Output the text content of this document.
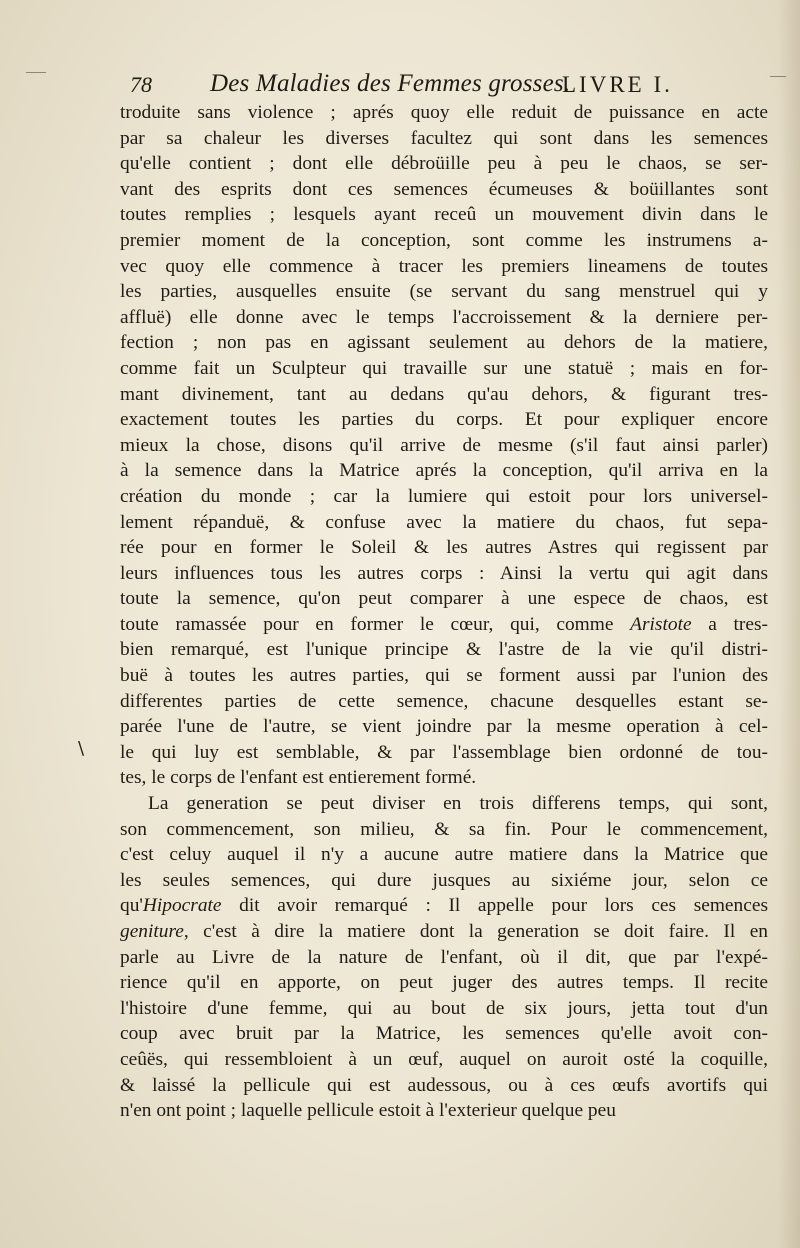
78 Des Maladies des Femmes grosses.
LIVRE I.
\
troduite sans violence ; aprés quoy elle reduit de puissance en acte
par sa chaleur les diverses facultez qui sont dans les semences
qu'elle contient ; dont elle débroüille peu à peu le chaos, se ser-
vant des esprits dont ces semences écumeuses & boüillantes sont
toutes remplies ; lesquels ayant receû un mouvement divin dans le
premier moment de la conception, sont comme les instrumens a-
vec quoy elle commence à tracer les premiers lineamens de toutes
les parties, ausquelles ensuite (se servant du sang menstruel qui y
affluë) elle donne avec le temps l'accroissement & la derniere per-
fection ; non pas en agissant seulement au dehors de la matiere,
comme fait un Sculpteur qui travaille sur une statuë ; mais en for-
mant divinement, tant au dedans qu'au dehors, & figurant tres-
exactement toutes les parties du corps. Et pour expliquer encore
mieux la chose, disons qu'il arrive de mesme (s'il faut ainsi parler)
à la semence dans la Matrice aprés la conception, qu'il arriva en la
création du monde ; car la lumiere qui estoit pour lors universel-
lement répanduë, & confuse avec la matiere du chaos, fut sepa-
rée pour en former le Soleil & les autres Astres qui regissent par
leurs influences tous les autres corps : Ainsi la vertu qui agit dans
toute la semence, qu'on peut comparer à une espece de chaos, est
toute ramassée pour en former le cœur, qui, comme Aristote a tres-
bien remarqué, est l'unique principe & l'astre de la vie qu'il distri-
buë à toutes les autres parties, qui se forment aussi par l'union des
differentes parties de cette semence, chacune desquelles estant se-
parée l'une de l'autre, se vient joindre par la mesme operation à cel-
le qui luy est semblable, & par l'assemblage bien ordonné de tou-
tes, le corps de l'enfant est entierement formé.
La generation se peut diviser en trois differens temps, qui sont,
son commencement, son milieu, & sa fin. Pour le commencement,
c'est celuy auquel il n'y a aucune autre matiere dans la Matrice que
les seules semences, qui dure jusques au sixiéme jour, selon ce
qu'Hipocrate dit avoir remarqué : Il appelle pour lors ces semences
geniture, c'est à dire la matiere dont la generation se doit faire. Il en
parle au Livre de la nature de l'enfant, où il dit, que par l'expé-
rience qu'il en apporte, on peut juger des autres temps. Il recite
l'histoire d'une femme, qui au bout de six jours, jetta tout d'un
coup avec bruit par la Matrice, les semences qu'elle avoit con-
ceûës, qui ressembloient à un œuf, auquel on auroit osté la coquille,
& laissé la pellicule qui est audessous, ou à ces œufs avortifs qui
n'en ont point ; laquelle pellicule estoit à l'exterieur quelque peu
